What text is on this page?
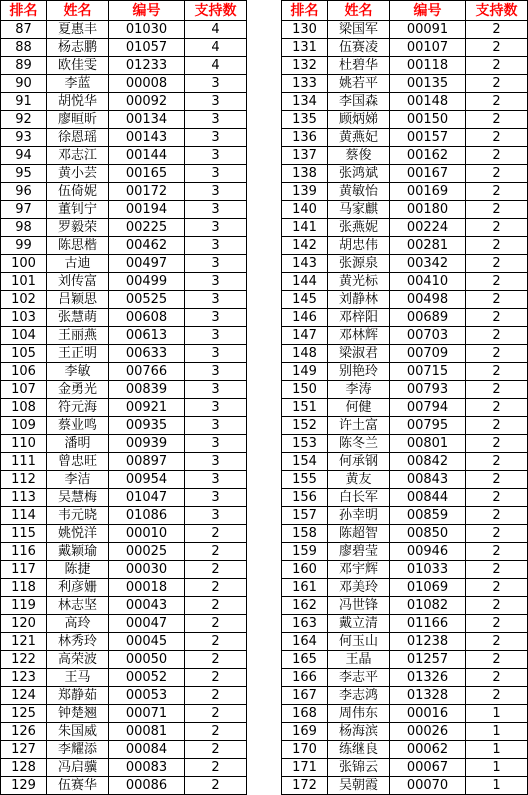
排名	姓名	编号	支持数
87	夏惠丰	01030	4
88	杨志鹏	01057	4
89	欧佳雯	01233	4
90	李蓝	00008	3
91	胡悦华	00092	3
92	廖晅昕	00134	3
93	徐恩瑶	00143	3
94	邓志江	00144	3
95	黄小芸	00165	3
96	伍倚妮	00172	3
97	董钊宁	00194	3
98	罗毅荣	00225	3
99	陈思楷	00462	3
100	古迪	00497	3
101	刘传富	00499	3
102	吕颖思	00525	3
103	张慧萌	00608	3
104	王丽燕	00613	3
105	王正明	00633	3
106	李敏	00766	3
107	金勇光	00839	3
108	符元海	00921	3
109	蔡业鸣	00935	3
110	潘明	00939	3
111	曾忠旺	00897	3
112	李洁	00954	3
113	吴慧梅	01047	3
114	韦元晓	01086	3
115	姚悦洋	00010	2
116	戴颖瑜	00025	2
117	陈捷	00030	2
118	利彦姗	00018	2
119	林志坚	00043	2
120	高玲	00047	2
121	林秀玲	00045	2
122	高荣波	00050	2
123	王马	00052	2
124	郑静茹	00053	2
125	钟楚翘	00071	2
126	朱国威	00081	2
127	李耀添	00084	2
128	冯启骥	00083	2
129	伍赛华	00086	2
排名	姓名	编号	支持数
130	梁国军	00091	2
131	伍赛凌	00107	2
132	杜碧华	00118	2
133	姚若平	00135	2
134	李国森	00148	2
135	顾炳娣	00150	2
136	黄燕妃	00157	2
137	蔡俊	00162	2
138	张鸿斌	00167	2
139	黄敏怡	00169	2
140	马家麒	00180	2
141	张燕妮	00224	2
142	胡忠伟	00281	2
143	张源泉	00342	2
144	黄光标	00410	2
145	刘静林	00498	2
146	邓梓阳	00689	2
147	邓林辉	00703	2
148	梁淑君	00709	2
149	别艳玲	00715	2
150	李涛	00793	2
151	何健	00794	2
152	许土富	00795	2
153	陈冬兰	00801	2
154	何承钢	00842	2
155	黄友	00843	2
156	白长军	00844	2
157	孙幸明	00859	2
158	陈超智	00850	2
159	廖碧莹	00946	2
160	邓宇辉	01033	2
161	邓美玲	01069	2
162	冯世锋	01082	2
163	戴立清	01166	2
164	何玉山	01238	2
165	王晶	01257	2
166	李志平	01326	2
167	李志鸿	01328	2
168	周伟东	00016	1
169	杨海滨	00026	1
170	练继良	00062	1
171	张锦云	00067	1
172	吴朝霞	00070	1
